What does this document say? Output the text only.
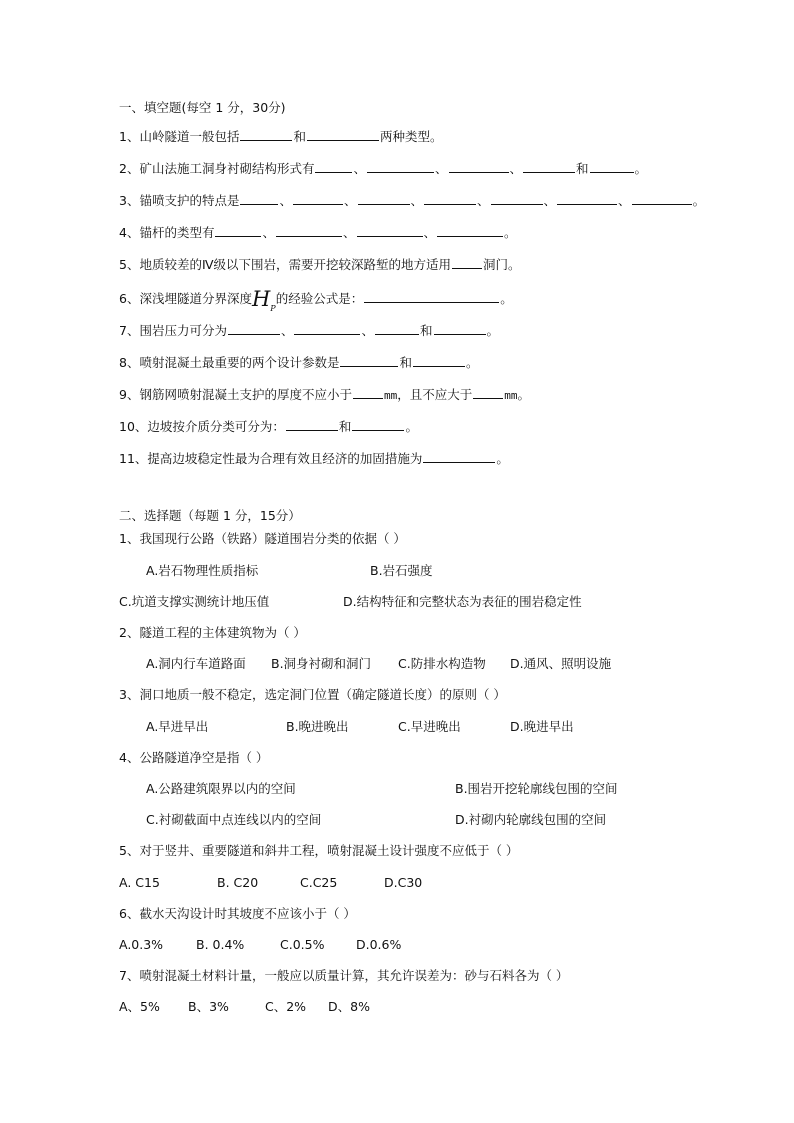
一、填空题(每空 1 分，30分)
1、山岭隧道一般包括	和	两种类型。
2、矿山法施工洞身衬砌结构形式有	、	、	、	和	。
3、锚喷支护的特点是	、	、	、	、	、	、	。
4、锚杆的类型有	、	、	、	。
5、地质较差的Ⅳ级以下围岩，需要开挖较深路堑的地方适用	洞门。
6、深浅埋隧道分界深度$H_P$的经验公式是：	。
7、围岩压力可分为	、	、	和	。
8、喷射混凝土最重要的两个设计参数是	和	。
9、钢筋网喷射混凝土支护的厚度不应小于	mm，且不应大于	mm。
10、边坡按介质分类可分为：	和	。
11、提高边坡稳定性最为合理有效且经济的加固措施为	。
二、选择题（每题 1 分，15分）
1、我国现行公路（铁路）隧道围岩分类的依据（ ）
A.岩石物理性质指标	B.岩石强度
C.坑道支撑实测统计地压值	D.结构特征和完整状态为表征的围岩稳定性
2、隧道工程的主体建筑物为（ ）
A.洞内行车道路面 B.洞身衬砌和洞门 C.防排水构造物 D.通风、照明设施
3、洞口地质一般不稳定，选定洞门位置（确定隧道长度）的原则（ ）
A.早进早出	B.晚进晚出	C.早进晚出	D.晚进早出
4、公路隧道净空是指（ ）
A.公路建筑限界以内的空间	B.围岩开挖轮廓线包围的空间
C.衬砌截面中点连线以内的空间	D.衬砌内轮廓线包围的空间
5、对于竖井、重要隧道和斜井工程，喷射混凝土设计强度不应低于（ ）
A. C15	B. C20	C.C25	D.C30
6、截水天沟设计时其坡度不应该小于（ ）
A.0.3%	B. 0.4%	C.0.5%	D.0.6%
7、喷射混凝土材料计量，一般应以质量计算，其允许误差为：砂与石料各为（ ）
A、5% B、3%	C、2% D、8%
